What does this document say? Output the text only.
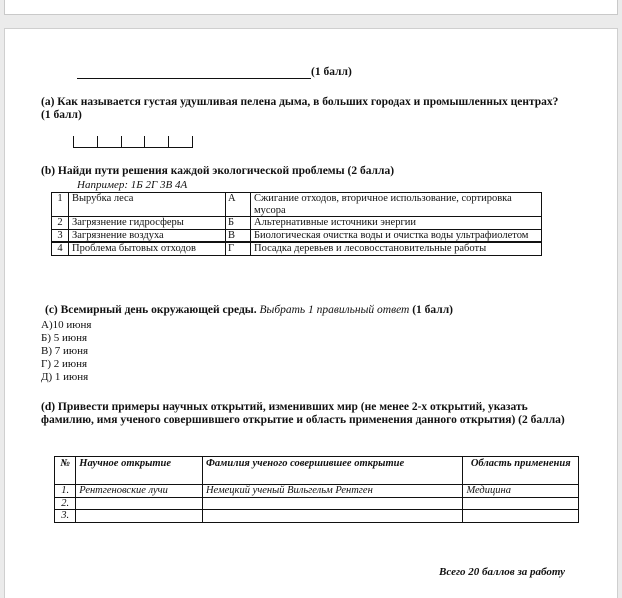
(1 балл)
(а) Как называется густая удушливая пелена дыма, в больших городах и промышленных центрах? (1 балл)
(b) Найди пути решения каждой экологической проблемы (2 балла)
Например: 1Б 2Г 3В 4А
1	Вырубка леса	А	Сжигание отходов, вторичное использование, сортировка мусора
2	Загрязнение гидросферы	Б	Альтернативные источники энергии
3	Загрязнение воздуха	В	Биологическая очистка воды и очистка воды ультрафиолетом
4	Проблема бытовых отходов	Г	Посадка деревьев и лесовосстановительные работы
(с) Всемирный день окружающей среды. Выбрать 1 правильный ответ (1 балл)
А)10 июня
Б) 5 июня
В) 7 июня
Г) 2 июня
Д) 1 июня
(d) Привести примеры научных открытий, изменивших мир (не менее 2-х открытий, указать фамилию, имя ученого совершившего открытие и область применения данного открытия) (2 балла)
№	Научное открытие	Фамилия ученого совершившее открытие	Область применения
1.	Рентгеновские лучи	Немецкий ученый Вильгельм Рентген	Медицина
2.			
3.			
Всего 20 баллов за работу
